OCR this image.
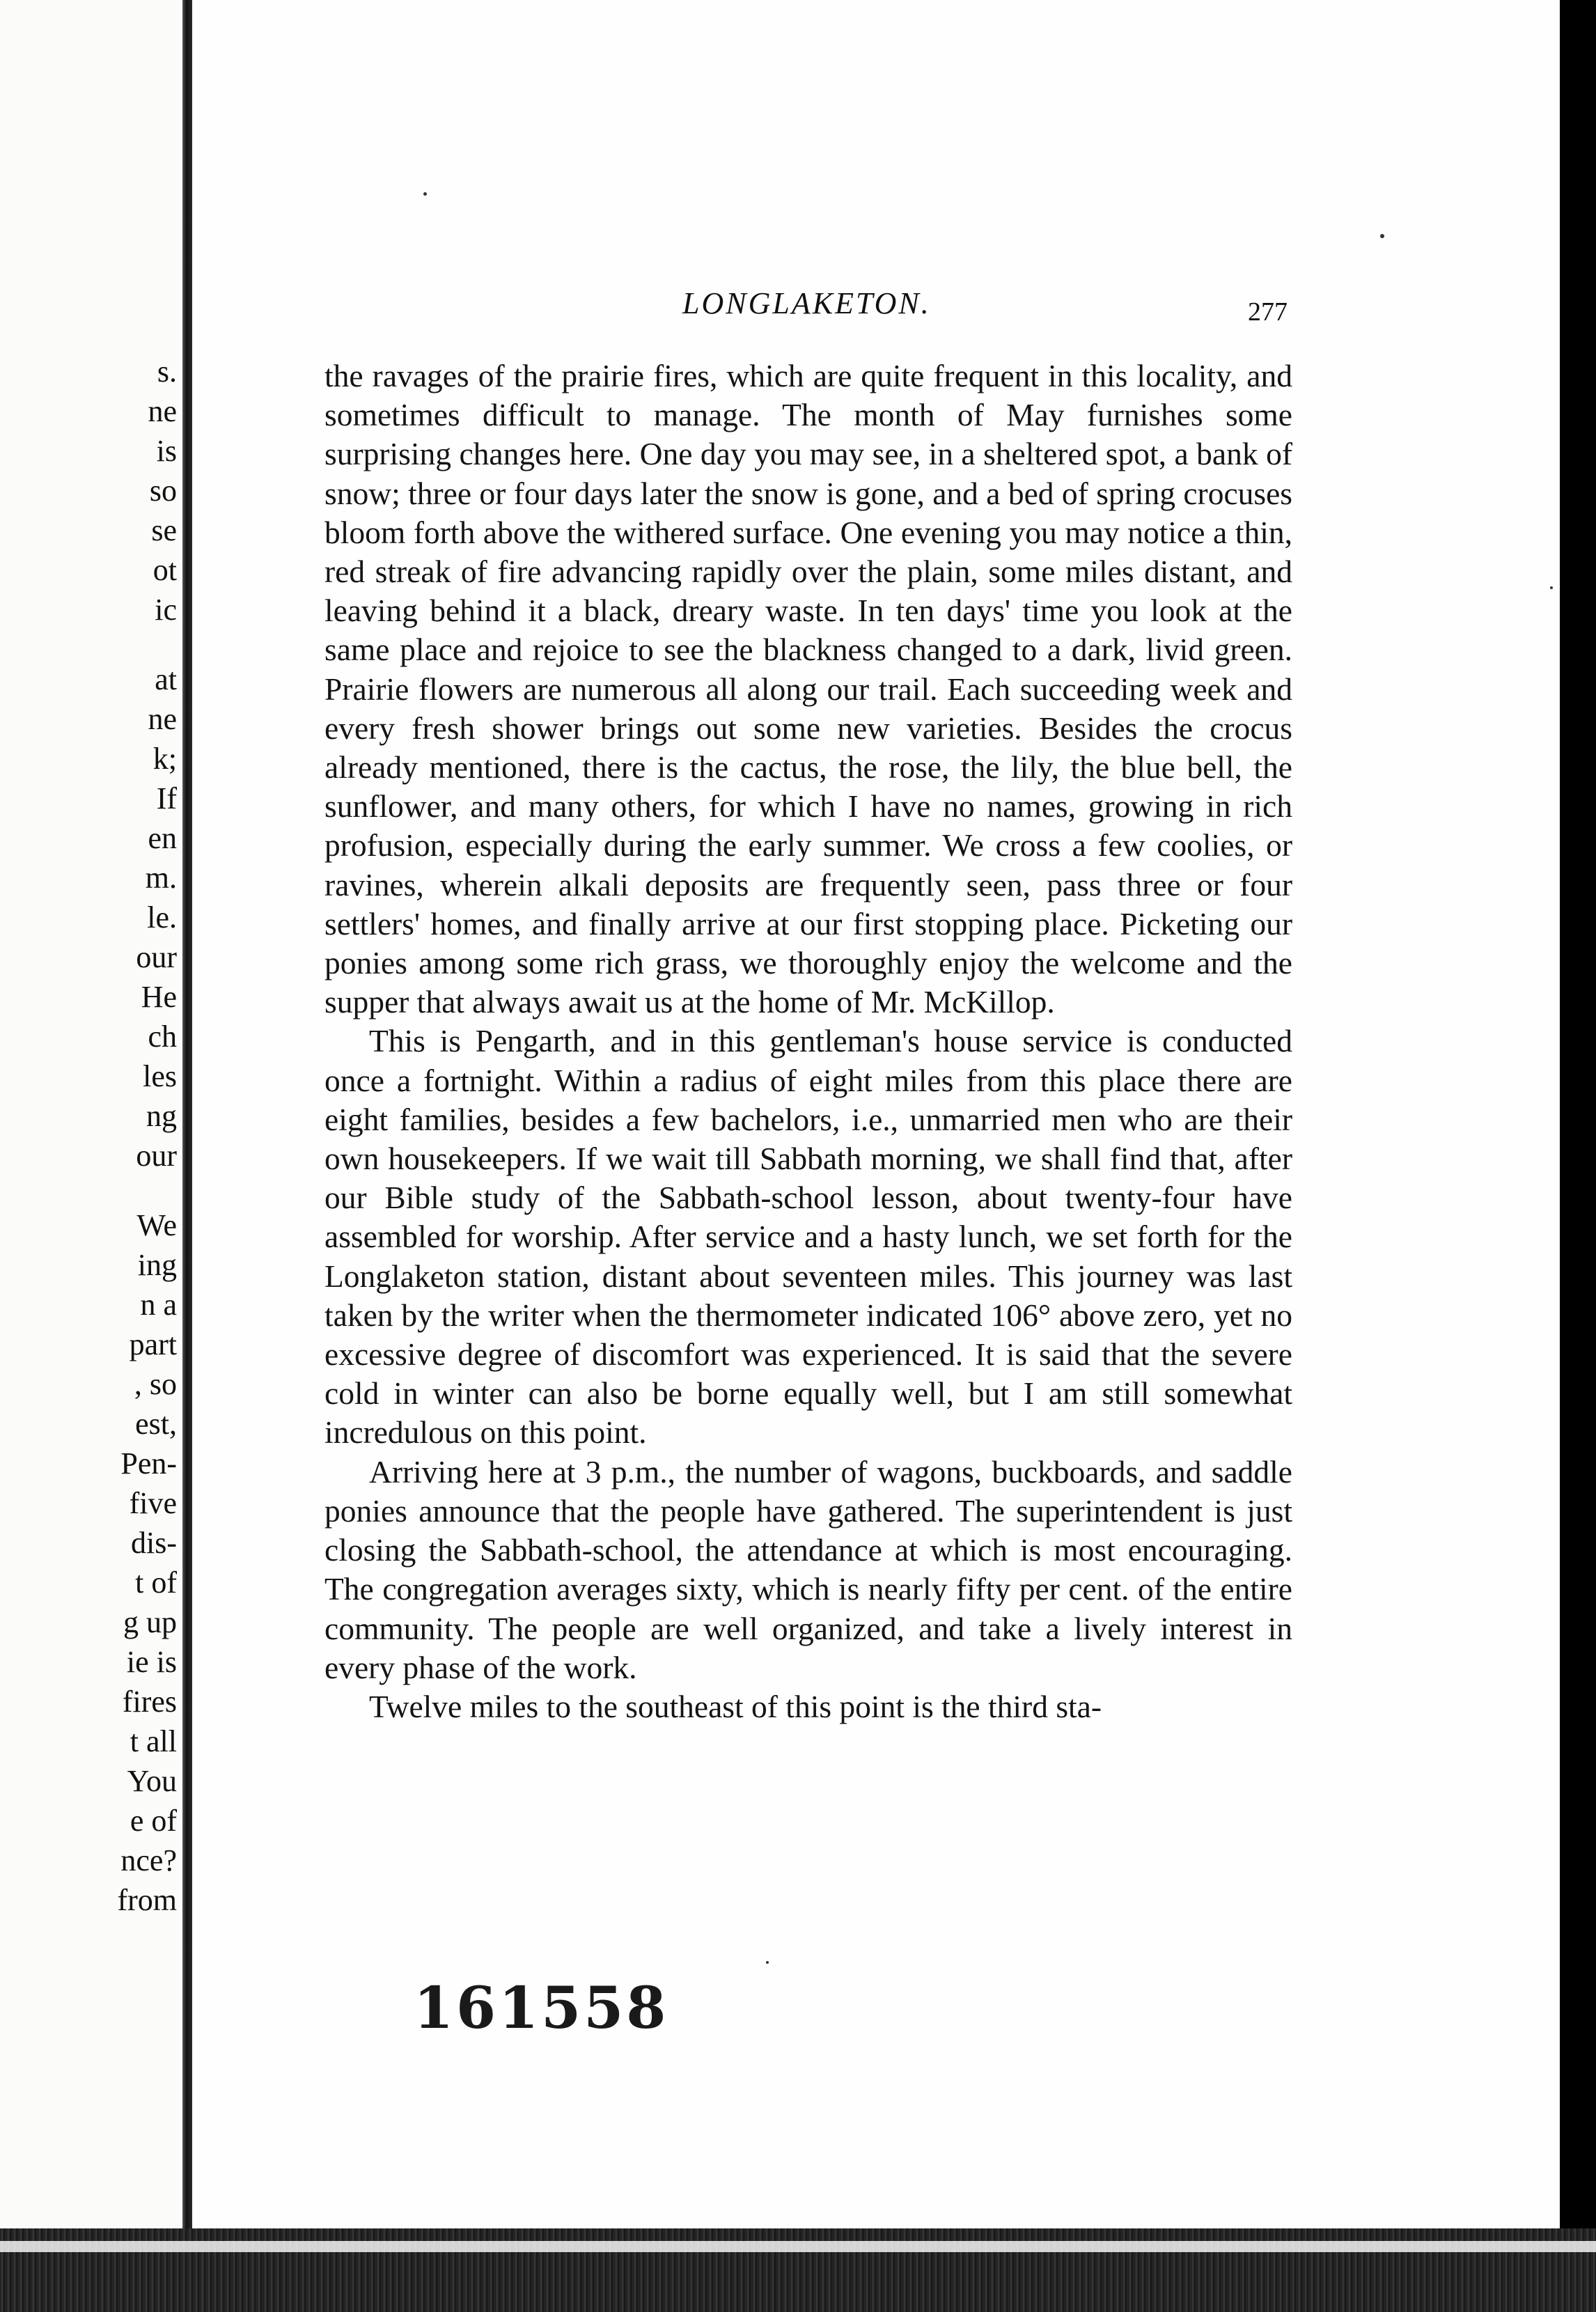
s.
ne
is
so
se
ot
ic
at
ne
k;
If
en
m.
le.
our
He
ch
les
ng
our
We
ing
n a
part
, so
est,
Pen-
five
dis-
t of
g up
ie is
fires
t all
You
e of
nce?
from
LONGLAKETON.	277

the ravages of the prairie fires, which are quite frequent in this locality, and sometimes difficult to manage. The month of May furnishes some surprising changes here. One day you may see, in a sheltered spot, a bank of snow; three or four days later the snow is gone, and a bed of spring crocuses bloom forth above the withered surface. One evening you may notice a thin, red streak of fire advancing rapidly over the plain, some miles distant, and leaving behind it a black, dreary waste. In ten days' time you look at the same place and rejoice to see the blackness changed to a dark, livid green. Prairie flowers are numerous all along our trail. Each succeeding week and every fresh shower brings out some new varieties. Besides the crocus already mentioned, there is the cactus, the rose, the lily, the blue bell, the sunflower, and many others, for which I have no names, growing in rich profusion, especially during the early summer. We cross a few coolies, or ravines, wherein alkali deposits are frequently seen, pass three or four settlers' homes, and finally arrive at our first stopping place. Picketing our ponies among some rich grass, we thoroughly enjoy the welcome and the supper that always await us at the home of Mr. McKillop.

This is Pengarth, and in this gentleman's house service is conducted once a fortnight. Within a radius of eight miles from this place there are eight families, besides a few bachelors, i.e., unmarried men who are their own housekeepers. If we wait till Sabbath morning, we shall find that, after our Bible study of the Sabbath-school lesson, about twenty-four have assembled for worship. After service and a hasty lunch, we set forth for the Longlaketon station, distant about seventeen miles. This journey was last taken by the writer when the thermometer indicated 106° above zero, yet no excessive degree of discomfort was experienced. It is said that the severe cold in winter can also be borne equally well, but I am still somewhat incredulous on this point.

Arriving here at 3 p.m., the number of wagons, buckboards, and saddle ponies announce that the people have gathered. The superintendent is just closing the Sabbath-school, the attendance at which is most encouraging. The congregation averages sixty, which is nearly fifty per cent. of the entire community. The people are well organized, and take a lively interest in every phase of the work.

Twelve miles to the southeast of this point is the third sta-

161558
